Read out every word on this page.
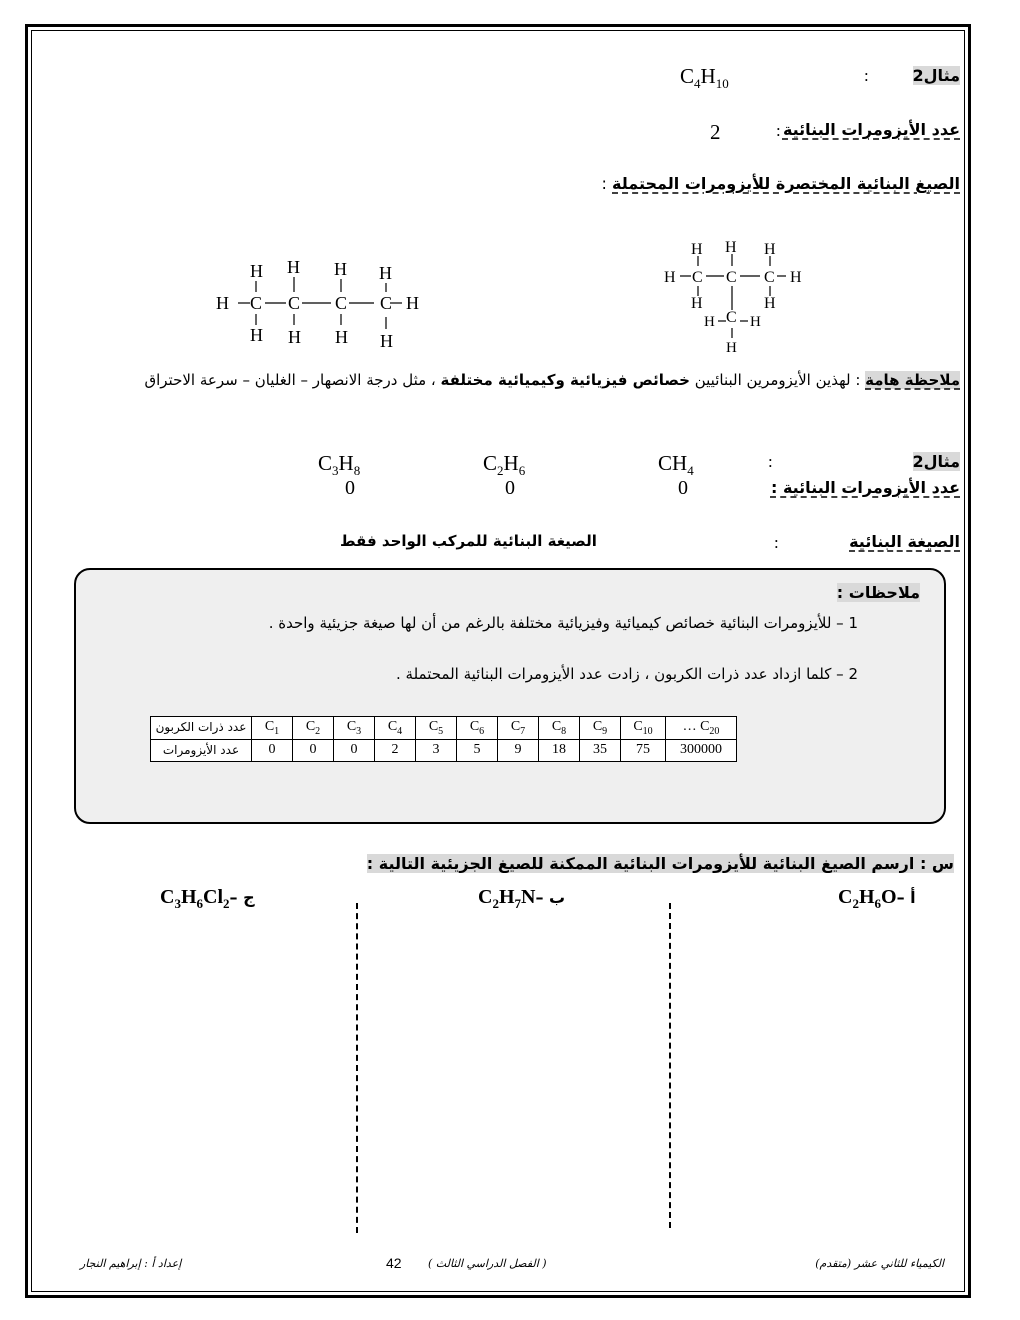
مثال2
:
$C_4H_{10}$
عدد الأيزومرات البنائية
:
2
الصيغ البنائية المختصرة للأيزومرات المحتملة :
H H H H
H C C C C H
H H H H
H H H
H C C C H
H	H
H C H
H
ملاحظة هامة : لهذين الأيزومرين البنائيين خصائص فيزيائية وكيميائية مختلفة ، مثل درجة الانصهار – الغليان – سرعة الاحتراق
مثال2
:
$CH_4$
$C_2H_6$
$C_3H_8$
عدد الأيزومرات البنائية :
0
0
0
الصيغة البنائية
:
الصيغة البنائية للمركب الواحد فقط
ملاحظات :
1 – للأيزومرات البنائية خصائص كيميائية وفيزيائية مختلفة بالرغم من أن لها صيغة جزيئية واحدة .
2 – كلما ازداد عدد ذرات الكربون ، زادت عدد الأيزومرات البنائية المحتملة .
عدد ذرات الكربون	$C_1$	$C_2$	$C_3$	$C_4$	$C_5$	$C_6$	$C_7$	$C_8$	$C_9$	$C_{10}$	… $C_{20}$
عدد الأيزومرات	0	0	0	2	3	5	9	18	35	75	300000
س : ارسم الصيغ البنائية للأيزومرات البنائية الممكنة للصيغ الجزيئية التالية :
$C_2H_6Oأ$ –
$C_2H_7Nب$ –
$C_3H_6Cl_2ج$ –
الكيمياء للثاني عشر (متقدم)
( الفصل الدراسي الثالث )
42
إعداد أ : إبراهيم النجار
